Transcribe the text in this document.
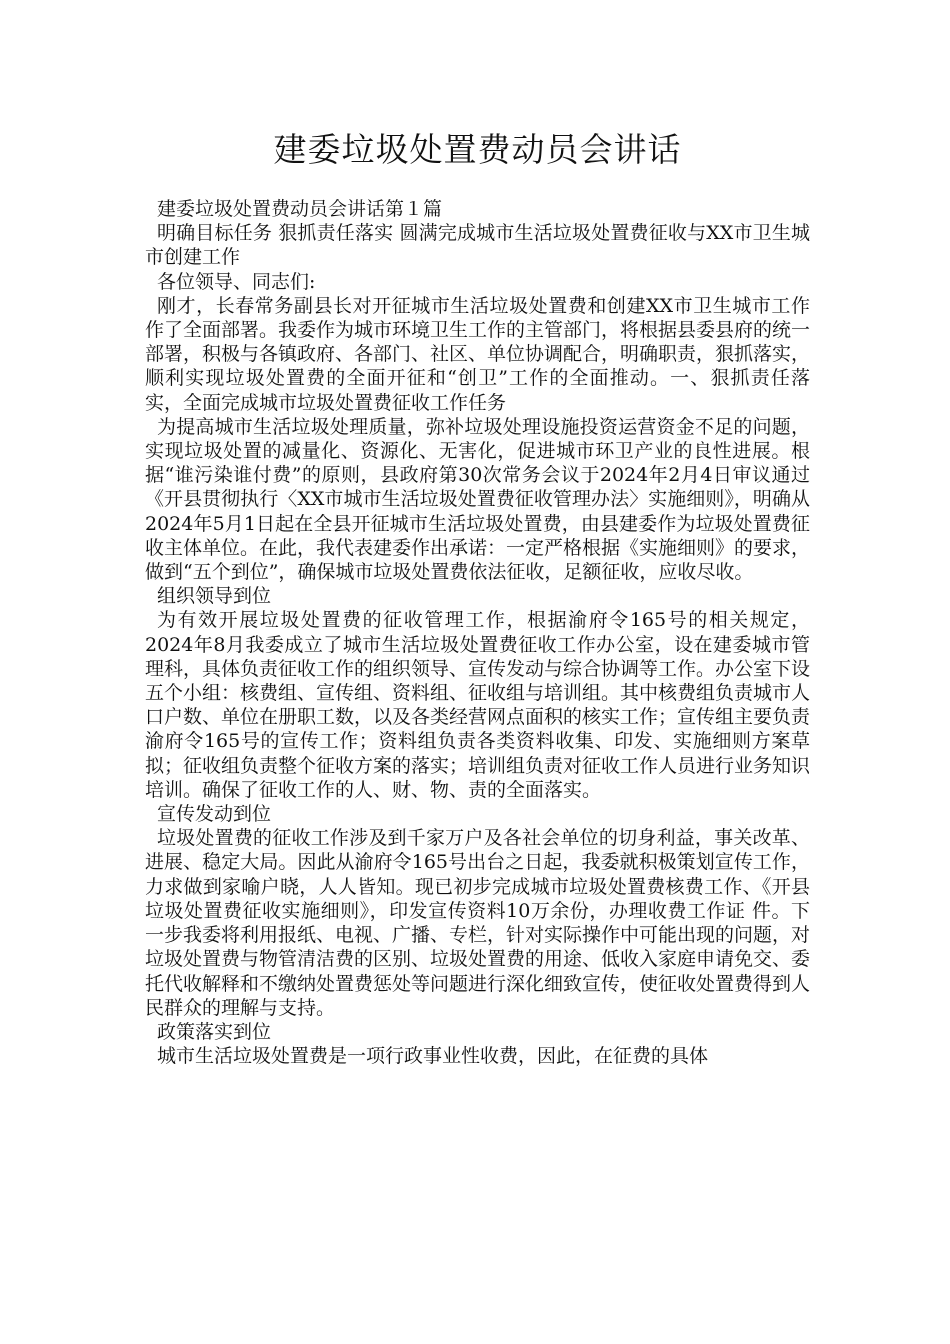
建委垃圾处置费动员会讲话

建委垃圾处置费动员会讲话第１篇

明确目标任务 狠抓责任落实 圆满完成城市生活垃圾处置费征收与XX市卫生城市创建工作

各位领导、同志们:

刚才，长春常务副县长对开征城市生活垃圾处置费和创建XX市卫生城市工作作了全面部署。我委作为城市环境卫生工作的主管部门，将根据县委县府的统一部署，积极与各镇政府、各部门、社区、单位协调配合，明确职责，狠抓落实，顺利实现垃圾处置费的全面开征和“创卫”工作的全面推动。一、狠抓责任落实，全面完成城市垃圾处置费征收工作任务

为提高城市生活垃圾处理质量，弥补垃圾处理设施投资运营资金不足的问题，实现垃圾处置的减量化、资源化、无害化，促进城市环卫产业的良性进展。根据“谁污染谁付费”的原则，县政府第30次常务会议于2024年2月4日审议通过《开县贯彻执行〈XX市城市生活垃圾处置费征收管理办法〉实施细则》，明确从2024年5月1日起在全县开征城市生活垃圾处置费，由县建委作为垃圾处置费征收主体单位。在此，我代表建委作出承诺：一定严格根据《实施细则》的要求，做到“五个到位”，确保城市垃圾处置费依法征收，足额征收，应收尽收。

组织领导到位

为有效开展垃圾处置费的征收管理工作，根据渝府令165号的相关规定，2024年8月我委成立了城市生活垃圾处置费征收工作办公室，设在建委城市管理科，具体负责征收工作的组织领导、宣传发动与综合协调等工作。办公室下设五个小组：核费组、宣传组、资料组、征收组与培训组。其中核费组负责城市人口户数、单位在册职工数，以及各类经营网点面积的核实工作；宣传组主要负责渝府令165号的宣传工作；资料组负责各类资料收集、印发、实施细则方案草拟；征收组负责整个征收方案的落实；培训组负责对征收工作人员进行业务知识培训。确保了征收工作的人、财、物、责的全面落实。

宣传发动到位

垃圾处置费的征收工作涉及到千家万户及各社会单位的切身利益，事关改革、进展、稳定大局。因此从渝府令165号出台之日起，我委就积极策划宣传工作，力求做到家喻户晓，人人皆知。现已初步完成城市垃圾处置费核费工作、《开县垃圾处置费征收实施细则》，印发宣传资料10万余份，办理收费工作证 件。下一步我委将利用报纸、电视、广播、专栏，针对实际操作中可能出现的问题，对垃圾处置费与物管清洁费的区别、垃圾处置费的用途、低收入家庭申请免交、委托代收解释和不缴纳处置费惩处等问题进行深化细致宣传，使征收处置费得到人民群众的理解与支持。

政策落实到位

城市生活垃圾处置费是一项行政事业性收费，因此，在征费的具体
